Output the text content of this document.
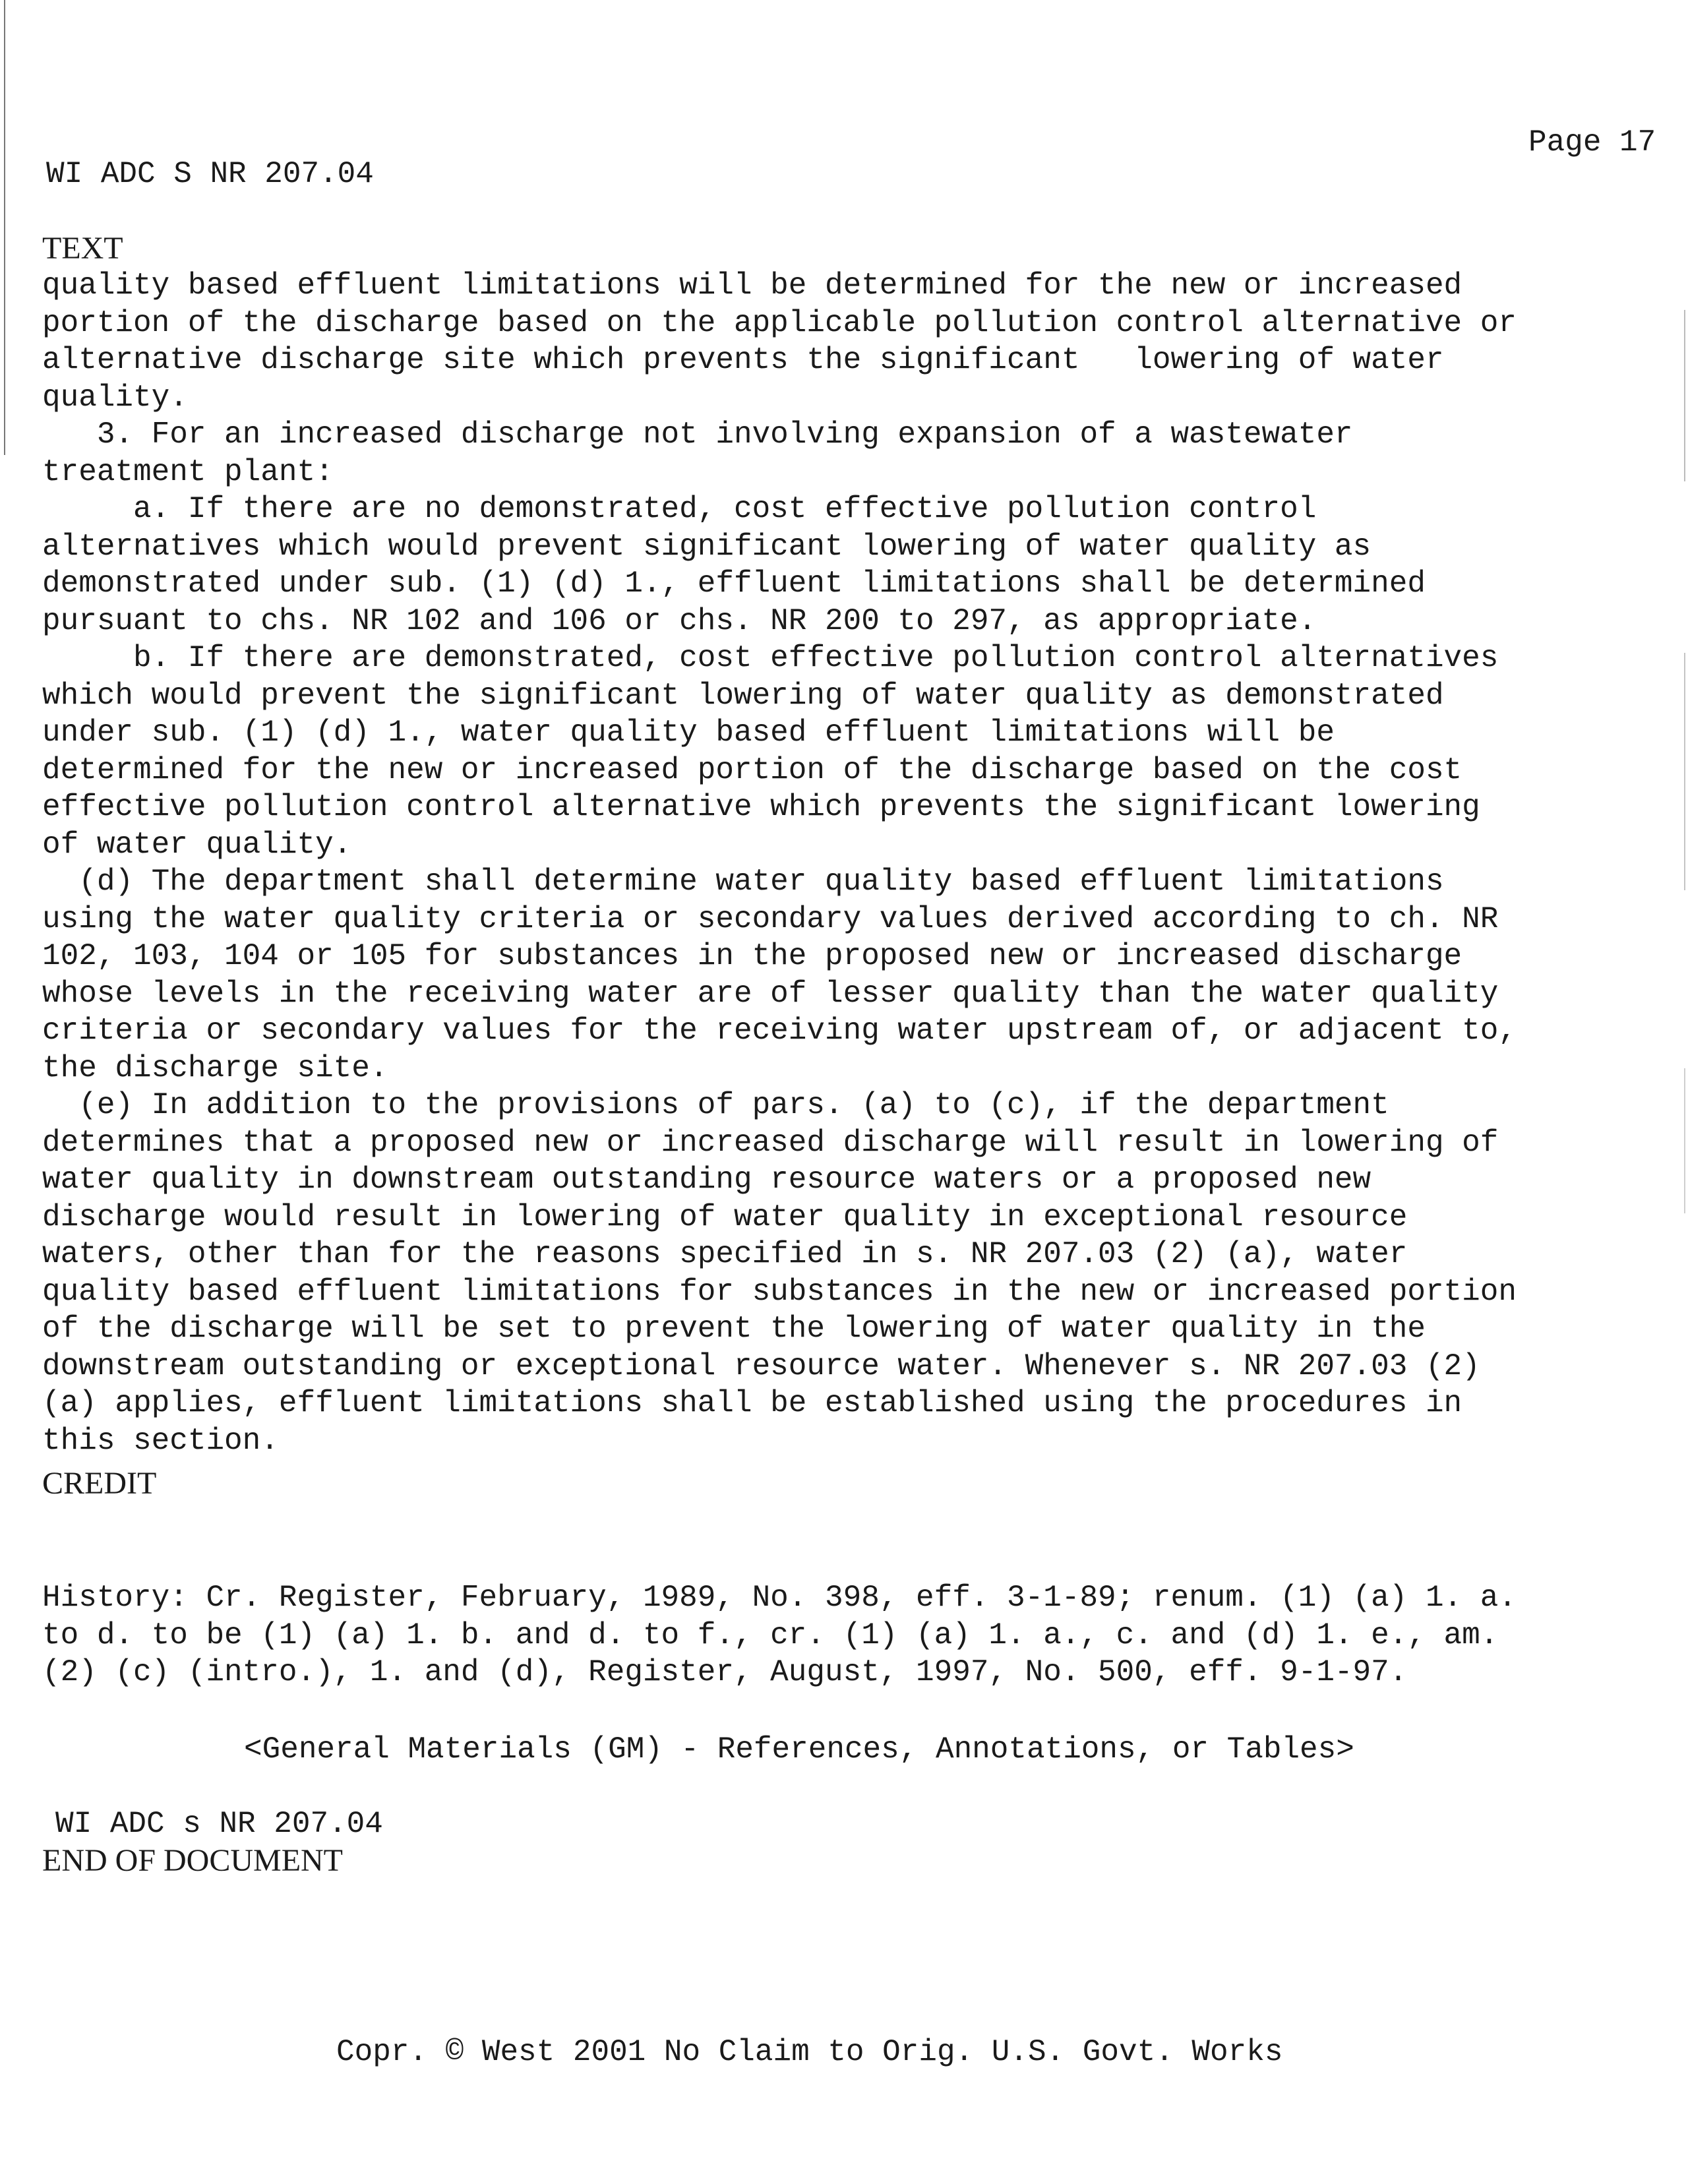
Page 17
WI ADC S NR 207.04
TEXT
quality based effluent limitations will be determined for the new or increased
portion of the discharge based on the applicable pollution control alternative or
alternative discharge site which prevents the significant   lowering of water
quality.
3. For an increased discharge not involving expansion of a wastewater
treatment plant:
a. If there are no demonstrated, cost effective pollution control
alternatives which would prevent significant lowering of water quality as
demonstrated under sub. (1) (d) 1., effluent limitations shall be determined
pursuant to chs. NR 102 and 106 or chs. NR 200 to 297, as appropriate.
b. If there are demonstrated, cost effective pollution control alternatives
which would prevent the significant lowering of water quality as demonstrated
under sub. (1) (d) 1., water quality based effluent limitations will be
determined for the new or increased portion of the discharge based on the cost
effective pollution control alternative which prevents the significant lowering
of water quality.
(d) The department shall determine water quality based effluent limitations
using the water quality criteria or secondary values derived according to ch. NR
102, 103, 104 or 105 for substances in the proposed new or increased discharge
whose levels in the receiving water are of lesser quality than the water quality
criteria or secondary values for the receiving water upstream of, or adjacent to,
the discharge site.
(e) In addition to the provisions of pars. (a) to (c), if the department
determines that a proposed new or increased discharge will result in lowering of
water quality in downstream outstanding resource waters or a proposed new
discharge would result in lowering of water quality in exceptional resource
waters, other than for the reasons specified in s. NR 207.03 (2) (a), water
quality based effluent limitations for substances in the new or increased portion
of the discharge will be set to prevent the lowering of water quality in the
downstream outstanding or exceptional resource water. Whenever s. NR 207.03 (2)
(a) applies, effluent limitations shall be established using the procedures in
this section.
CREDIT
History: Cr. Register, February, 1989, No. 398, eff. 3-1-89; renum. (1) (a) 1. a.
to d. to be (1) (a) 1. b. and d. to f., cr. (1) (a) 1. a., c. and (d) 1. e., am.
(2) (c) (intro.), 1. and (d), Register, August, 1997, No. 500, eff. 9-1-97.
<General Materials (GM) - References, Annotations, or Tables>
WI ADC s NR 207.04
END OF DOCUMENT
Copr. © West 2001 No Claim to Orig. U.S. Govt. Works
